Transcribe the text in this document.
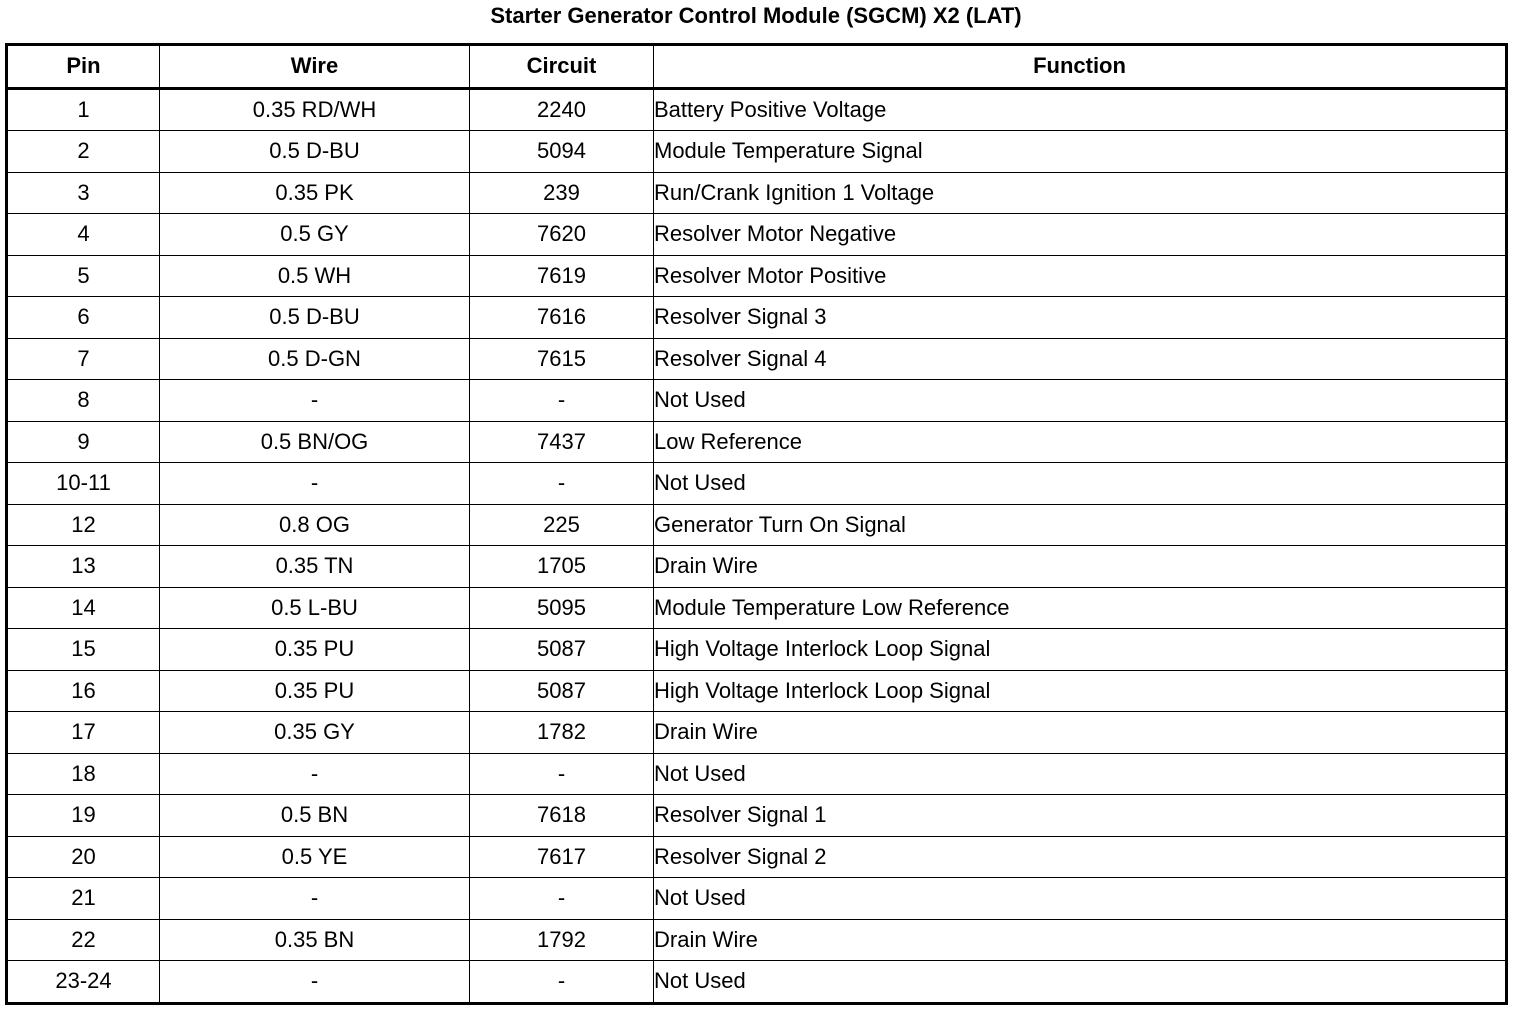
Starter Generator Control Module (SGCM) X2 (LAT)
Pin	Wire	Circuit	Function
1	0.35 RD/WH	2240	Battery Positive Voltage
2	0.5 D-BU	5094	Module Temperature Signal
3	0.35 PK	239	Run/Crank Ignition 1 Voltage
4	0.5 GY	7620	Resolver Motor Negative
5	0.5 WH	7619	Resolver Motor Positive
6	0.5 D-BU	7616	Resolver Signal 3
7	0.5 D-GN	7615	Resolver Signal 4
8	-	-	Not Used
9	0.5 BN/OG	7437	Low Reference
10-11	-	-	Not Used
12	0.8 OG	225	Generator Turn On Signal
13	0.35 TN	1705	Drain Wire
14	0.5 L-BU	5095	Module Temperature Low Reference
15	0.35 PU	5087	High Voltage Interlock Loop Signal
16	0.35 PU	5087	High Voltage Interlock Loop Signal
17	0.35 GY	1782	Drain Wire
18	-	-	Not Used
19	0.5 BN	7618	Resolver Signal 1
20	0.5 YE	7617	Resolver Signal 2
21	-	-	Not Used
22	0.35 BN	1792	Drain Wire
23-24	-	-	Not Used
